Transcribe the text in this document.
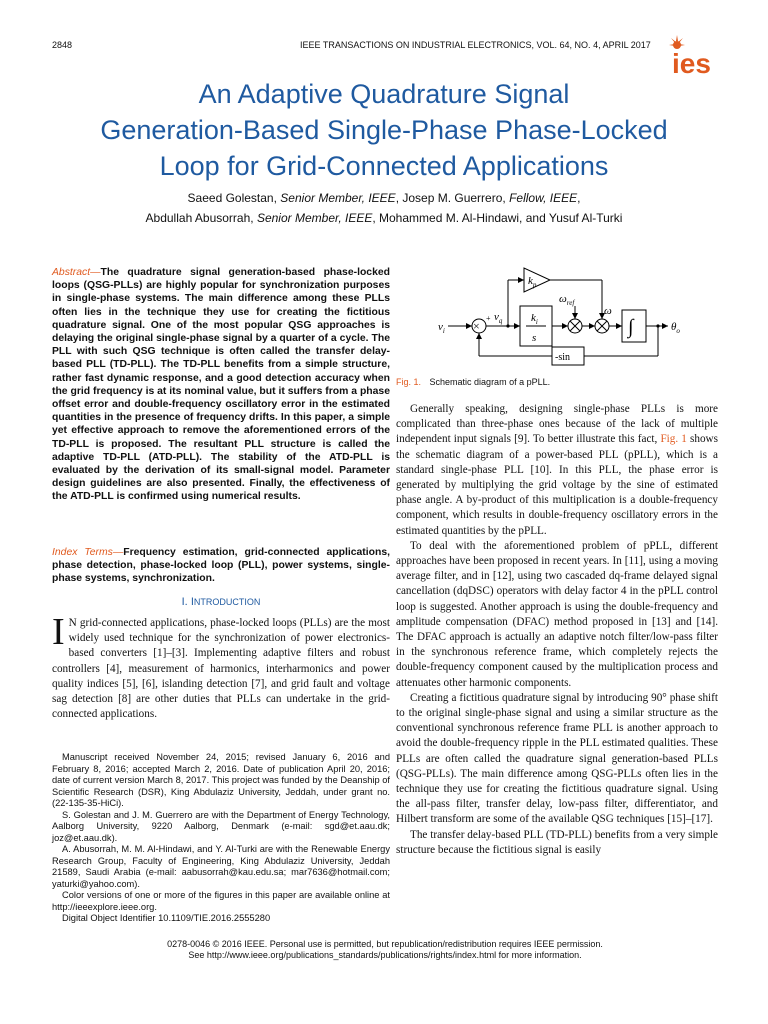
2848	IEEE TRANSACTIONS ON INDUSTRIAL ELECTRONICS, VOL. 64, NO. 4, APRIL 2017
ies
An Adaptive Quadrature Signal
Generation-Based Single-Phase Phase-Locked
Loop for Grid-Connected Applications
Saeed Golestan, Senior Member, IEEE, Josep M. Guerrero, Fellow, IEEE,
Abdullah Abusorrah, Senior Member, IEEE, Mohammed M. Al-Hindawi, and Yusuf Al-Turki
Abstract—The quadrature signal generation-based phase-locked loops (QSG-PLLs) are highly popular for synchronization purposes in single-phase systems. The main difference among these PLLs often lies in the technique they use for creating the fictitious quadrature signal. One of the most popular QSG approaches is delaying the original single-phase signal by a quarter of a cycle. The PLL with such QSG technique is often called the transfer delay-based PLL (TD-PLL). The TD-PLL benefits from a simple structure, rather fast dynamic response, and a good detection accuracy when the grid frequency is at its nominal value, but it suffers from a phase offset error and double-frequency oscillatory error in the estimated quantities in the presence of frequency drifts. In this paper, a simple yet effective approach to remove the aforementioned errors of the TD-PLL is proposed. The resultant PLL structure is called the adaptive TD-PLL (ATD-PLL). The stability of the ATD-PLL is evaluated by the derivation of its small-signal model. Parameter design guidelines are also presented. Finally, the effectiveness of the ATD-PLL is confirmed using numerical results.
Index Terms—Frequency estimation, grid-connected applications, phase detection, phase-locked loop (PLL), power systems, single-phase systems, synchronization.
I. INTRODUCTION
I N grid-connected applications, phase-locked loops (PLLs) are the most widely used technique for the synchronization of power electronics-based converters [1]–[3]. Implementing adaptive filters and robust controllers [4], measurement of harmonics, interharmonics and power quality indices [5], [6], islanding detection [7], and grid fault and voltage sag detection [8] are other duties that PLLs can undertake in the grid-connected applications.

Manuscript received November 24, 2015; revised January 6, 2016 and February 8, 2016; accepted March 2, 2016. Date of publication April 20, 2016; date of current version March 8, 2017. This project was funded by the Deanship of Scientific Research (DSR), King Abdulaziz University, Jeddah, under grant no. (22-135-35-HiCi).

S. Golestan and J. M. Guerrero are with the Department of Energy Technology, Aalborg University, 9220 Aalborg, Denmark (e-mail: sgd@et.aau.dk; joz@et.aau.dk).

A. Abusorrah, M. M. Al-Hindawi, and Y. Al-Turki are with the Renewable Energy Research Group, Faculty of Engineering, King Abdulaziz University, Jeddah 21589, Saudi Arabia (e-mail: aabusorrah@kau.edu.sa; mar7636@hotmail.com; yaturki@yahoo.com).

Color versions of one or more of the figures in this paper are available online at http://ieeexplore.ieee.org.

Digital Object Identifier 10.1109/TIE.2016.2555280

×
+
$v_i$
$v_q$
$k_p$
$k_i$
s
$\omega_{ref}$
ω
∫	$\theta_o$
-sin
Fig. 1. Schematic diagram of a pPLL.

Generally speaking, designing single-phase PLLs is more complicated than three-phase ones because of the lack of multiple independent input signals [9]. To better illustrate this fact, Fig. 1 shows the schematic diagram of a power-based PLL (pPLL), which is a standard single-phase PLL [10]. In this PLL, the phase error is generated by multiplying the grid voltage by the sine of estimated phase angle. A by-product of this multiplication is a double-frequency component, which results in double-frequency oscillatory errors in the estimated quantities by the pPLL.

To deal with the aforementioned problem of pPLL, different approaches have been proposed in recent years. In [11], using a moving average filter, and in [12], using two cascaded dq-frame delayed signal cancellation (dqDSC) operators with delay factor 4 in the pPLL control loop is suggested. Another approach is using the double-frequency and amplitude compensation (DFAC) method proposed in [13] and [14]. The DFAC approach is actually an adaptive notch filter/low-pass filter in the synchronous reference frame, which completely rejects the double-frequency component caused by the multiplication process and attenuates other harmonic components.

Creating a fictitious quadrature signal by introducing 90° phase shift to the original single-phase signal and using a similar structure as the conventional synchronous reference frame PLL is another approach to avoid the double-frequency ripple in the PLL estimated qualities. These PLLs are often called the quadrature signal generation-based PLLs (QSG-PLLs). The main difference among QSG-PLLs often lies in the technique they use for creating the fictitious quadrature signal. Using the all-pass filter, transfer delay, low-pass filter, differentiator, and Hilbert transform are some of the available QSG techniques [15]–[17].

The transfer delay-based PLL (TD-PLL) benefits from a very simple structure because the fictitious signal is easily

0278-0046 © 2016 IEEE. Personal use is permitted, but republication/redistribution requires IEEE permission.
See http://www.ieee.org/publications_standards/publications/rights/index.html for more information.
